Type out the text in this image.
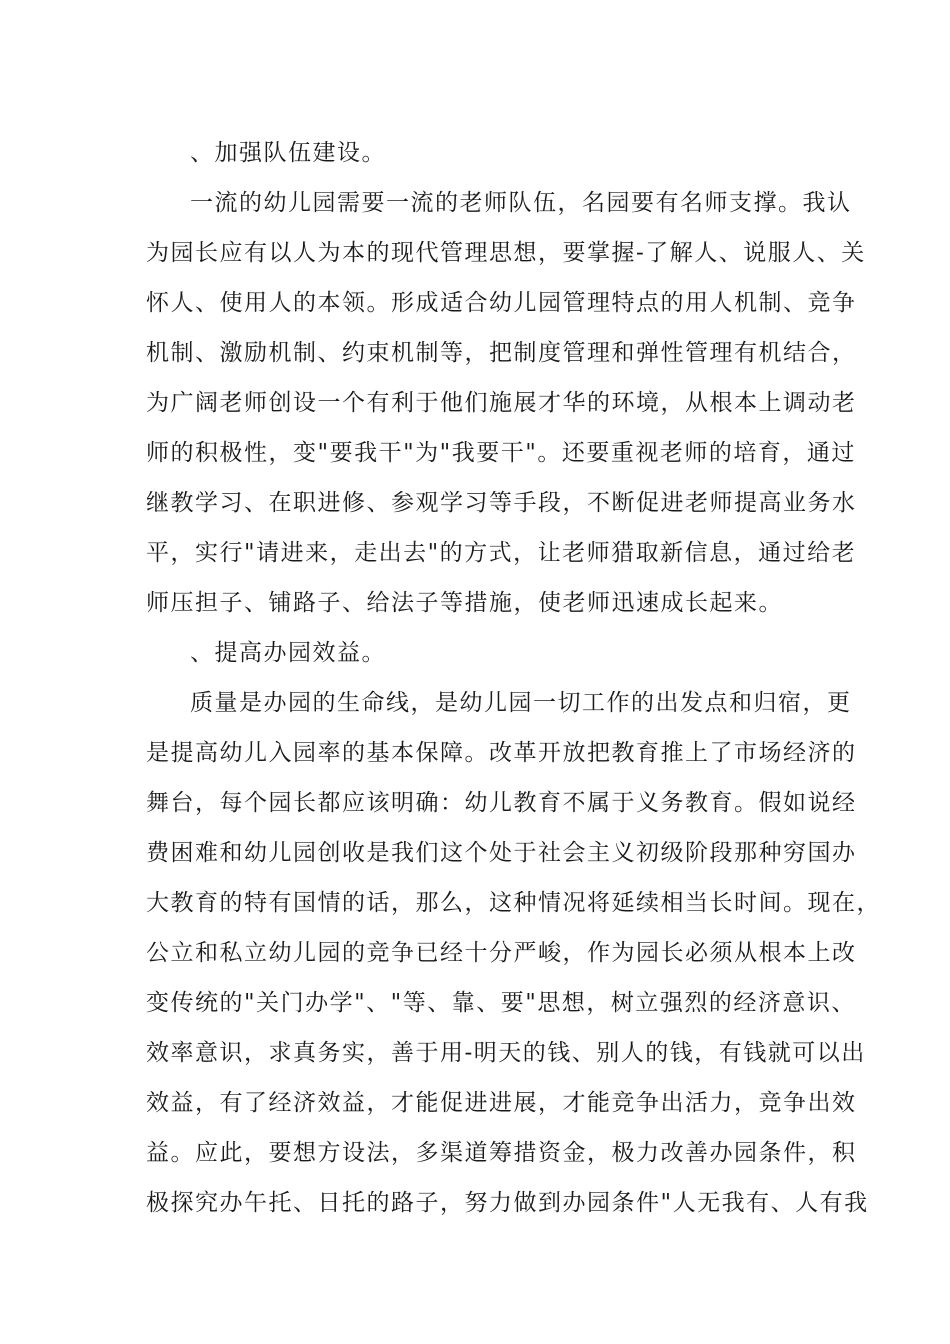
、加强队伍建设。
一流的幼儿园需要一流的老师队伍，名园要有名师支撑。我认
为园长应有以人为本的现代管理思想，要掌握-了解人、说服人、关
怀人、使用人的本领。形成适合幼儿园管理特点的用人机制、竞争
机制、激励机制、约束机制等，把制度管理和弹性管理有机结合，
为广阔老师创设一个有利于他们施展才华的环境，从根本上调动老
师的积极性，变"要我干"为"我要干"。还要重视老师的培育，通过
继教学习、在职进修、参观学习等手段，不断促进老师提高业务水
平，实行"请进来，走出去"的方式，让老师猎取新信息，通过给老
师压担子、铺路子、给法子等措施，使老师迅速成长起来。
、提高办园效益。
质量是办园的生命线，是幼儿园一切工作的出发点和归宿，更
是提高幼儿入园率的基本保障。改革开放把教育推上了市场经济的
舞台，每个园长都应该明确：幼儿教育不属于义务教育。假如说经
费困难和幼儿园创收是我们这个处于社会主义初级阶段那种穷国办
大教育的特有国情的话，那么，这种情况将延续相当长时间。现在，
公立和私立幼儿园的竞争已经十分严峻，作为园长必须从根本上改
变传统的"关门办学"、"等、靠、要"思想，树立强烈的经济意识、
效率意识，求真务实，善于用-明天的钱、别人的钱，有钱就可以出
效益，有了经济效益，才能促进进展，才能竞争出活力，竞争出效
益。应此，要想方设法，多渠道筹措资金，极力改善办园条件，积
极探究办午托、日托的路子，努力做到办园条件"人无我有、人有我
